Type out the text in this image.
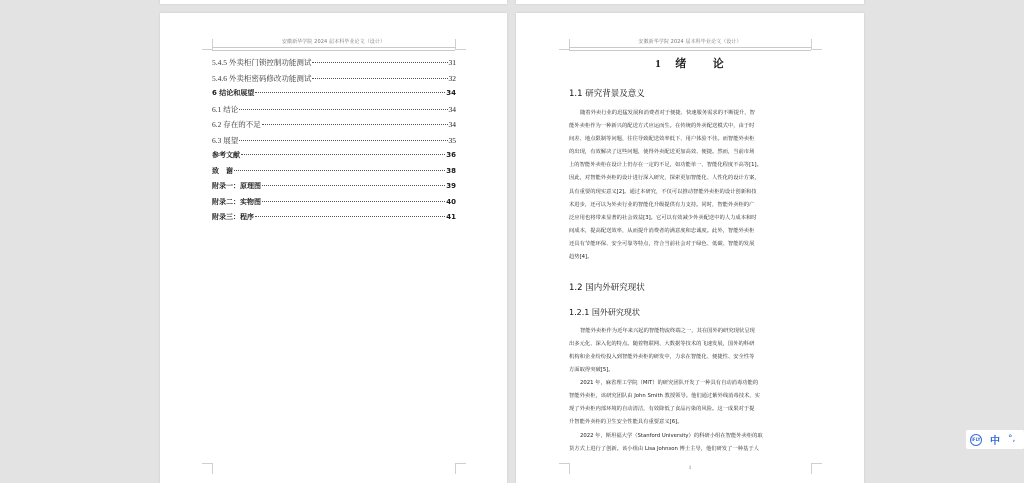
安徽新华学院 2024 届本科毕业论文（设计）
5.4.5 外卖柜门锁控制功能测试	31
5.4.6 外卖柜密码修改功能测试	32
6 结论和展望	34
6.1 结论	34
6.2 存在的不足	34
6.3 展望	35
参考文献	36
致　谢	38
附录一：原理图	39
附录二：实物图	40
附录三：程序	41
安徽新华学院 2024 届本科毕业论文（设计）
1 绪 论
1.1 研究背景及意义
随着外卖行业的迅猛发展和消费者对于便捷、快速服务需求的不断提升，智
能外卖柜作为一种新兴的配送方式应运而生。在传统的外卖配送模式中，由于时
间差、地点限制等问题，往往导致配送效率低下、用户体验不佳。而智能外卖柜
的出现，有效解决了这些问题，使得外卖配送更加高效、便捷。然而，当前市场
上的智能外卖柜在设计上仍存在一定的不足，如功能单一、智能化程度不高等[1]。
因此，对智能外卖柜的设计进行深入研究，探索更加智能化、人性化的设计方案，
具有重要的现实意义[2]。通过本研究，不仅可以推动智能外卖柜的设计创新和技
术进步，还可以为外卖行业的智能化升级提供有力支持。同时，智能外卖柜的广
泛应用也将带来显著的社会效益[3]。它可以有效减少外卖配送中的人力成本和时
间成本，提高配送效率，从而提升消费者的满意度和忠诚度。此外，智能外卖柜
还具有节能环保、安全可靠等特点，符合当前社会对于绿色、低碳、智能的发展
趋势[4]。
1.2 国内外研究现状
1.2.1 国外研究现状
智能外卖柜作为近年来兴起的智能物流终端之一，其在国外的研究现状呈现
出多元化、深入化的特点。随着物联网、大数据等技术的飞速发展，国外的科研
机构和企业纷纷投入到智能外卖柜的研发中，力求在智能化、便捷性、安全性等
方面取得突破[5]。
2021 年，麻省理工学院（MIT）的研究团队开发了一种具有自动消毒功能的
智能外卖柜，该研究团队由 John Smith 教授领导。他们通过紫外线消毒技术，实
现了外卖柜内部环境的自动清洁，有效降低了食品污染的风险。这一成果对于提
升智能外卖柜的卫生安全性能具有重要意义[6]。
2022 年，斯坦福大学（Stanford University）的科研小组在智能外卖柜的取
货方式上进行了创新。该小组由 Lisa Johnson 博士主导，他们研发了一种基于人
1
iFLY 中 °,
